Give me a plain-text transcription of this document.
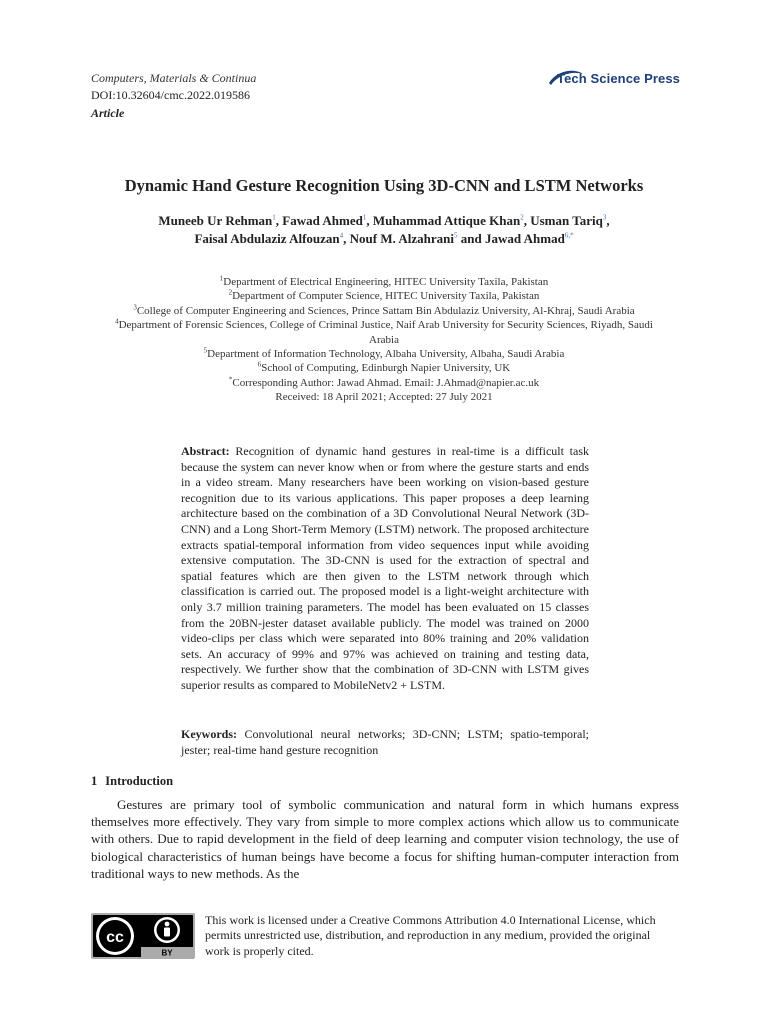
Computers, Materials & Continua
DOI:10.32604/cmc.2022.019586
Article
Tech Science Press
Dynamic Hand Gesture Recognition Using 3D-CNN and LSTM Networks
Muneeb Ur Rehman$^1$, Fawad Ahmed$^1$, Muhammad Attique Khan$^2$, Usman Tariq$^3$,
Faisal Abdulaziz Alfouzan$^4$, Nouf M. Alzahrani$^5$ and Jawad Ahmad$^{6,*}$
$^1$Department of Electrical Engineering, HITEC University Taxila, Pakistan
$^2$Department of Computer Science, HITEC University Taxila, Pakistan
$^3$College of Computer Engineering and Sciences, Prince Sattam Bin Abdulaziz University, Al-Khraj, Saudi Arabia
$^4$Department of Forensic Sciences, College of Criminal Justice, Naif Arab University for Security Sciences, Riyadh, Saudi Arabia
$^5$Department of Information Technology, Albaha University, Albaha, Saudi Arabia
$^6$School of Computing, Edinburgh Napier University, UK
*Corresponding Author: Jawad Ahmad. Email: J.Ahmad@napier.ac.uk
Received: 18 April 2021; Accepted: 27 July 2021
Abstract: Recognition of dynamic hand gestures in real-time is a difficult task because the system can never know when or from where the gesture starts and ends in a video stream. Many researchers have been working on vision-based gesture recognition due to its various applications. This paper proposes a deep learning architecture based on the combination of a 3D Convolutional Neural Network (3D-CNN) and a Long Short-Term Memory (LSTM) network. The proposed architecture extracts spatial-temporal information from video sequences input while avoiding extensive computation. The 3D-CNN is used for the extraction of spectral and spatial features which are then given to the LSTM network through which classification is carried out. The proposed model is a light-weight architecture with only 3.7 million training parameters. The model has been evaluated on 15 classes from the 20BN-jester dataset available publicly. The model was trained on 2000 video-clips per class which were separated into 80% training and 20% validation sets. An accuracy of 99% and 97% was achieved on training and testing data, respectively. We further show that the combination of 3D-CNN with LSTM gives superior results as compared to MobileNetv2 + LSTM.
Keywords: Convolutional neural networks; 3D-CNN; LSTM; spatio-temporal; jester; real-time hand gesture recognition
1 Introduction
Gestures are primary tool of symbolic communication and natural form in which humans express themselves more effectively. They vary from simple to more complex actions which allow us to communicate with others. Due to rapid development in the field of deep learning and computer vision technology, the use of biological characteristics of human beings have become a focus for shifting human-computer interaction from traditional ways to new methods. As the
cc
BY
This work is licensed under a Creative Commons Attribution 4.0 International License, which permits unrestricted use, distribution, and reproduction in any medium, provided the original work is properly cited.
